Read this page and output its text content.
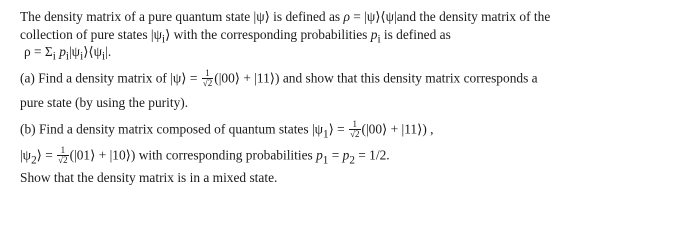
The density matrix of a pure quantum state |ψ⟩ is defined as ρ = |ψ⟩⟨ψ|and the density matrix of the
collection of pure states $|\psi_i⟩$ with the corresponding probabilities $p_i$ is defined as
$\rho = \Sigma_i$ $p_i|\psi_i⟩⟨\psi_i|$.
(a) Find a density matrix of |ψ⟩ = $\frac{1}{√2}$ (|00⟩ + |11⟩) and show that this density matrix corresponds a
pure state (by using the purity).
(b) Find a density matrix composed of quantum states $|\psi_1⟩ = \frac{1}{√2}$ (|00⟩ + |11⟩) ,
$|\psi_2⟩ = \frac{1}{√2}$ (|01⟩ + |10⟩) with corresponding probabilities $p_1 = p_2 = 1/2$.
Show that the density matrix is in a mixed state.
